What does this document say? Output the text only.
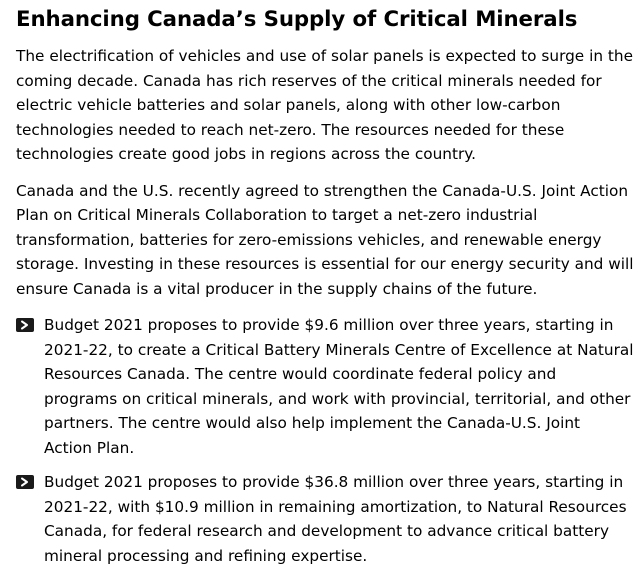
Enhancing Canada’s Supply of Critical Minerals
The electrification of vehicles and use of solar panels is expected to surge in the
coming decade. Canada has rich reserves of the critical minerals needed for
electric vehicle batteries and solar panels, along with other low-carbon
technologies needed to reach net-zero. The resources needed for these
technologies create good jobs in regions across the country.
Canada and the U.S. recently agreed to strengthen the Canada-U.S. Joint Action
Plan on Critical Minerals Collaboration to target a net-zero industrial
transformation, batteries for zero-emissions vehicles, and renewable energy
storage. Investing in these resources is essential for our energy security and will
ensure Canada is a vital producer in the supply chains of the future.
Budget 2021 proposes to provide $9.6 million over three years, starting in
2021-22, to create a Critical Battery Minerals Centre of Excellence at Natural
Resources Canada. The centre would coordinate federal policy and
programs on critical minerals, and work with provincial, territorial, and other
partners. The centre would also help implement the Canada-U.S. Joint
Action Plan.
Budget 2021 proposes to provide $36.8 million over three years, starting in
2021-22, with $10.9 million in remaining amortization, to Natural Resources
Canada, for federal research and development to advance critical battery
mineral processing and refining expertise.
